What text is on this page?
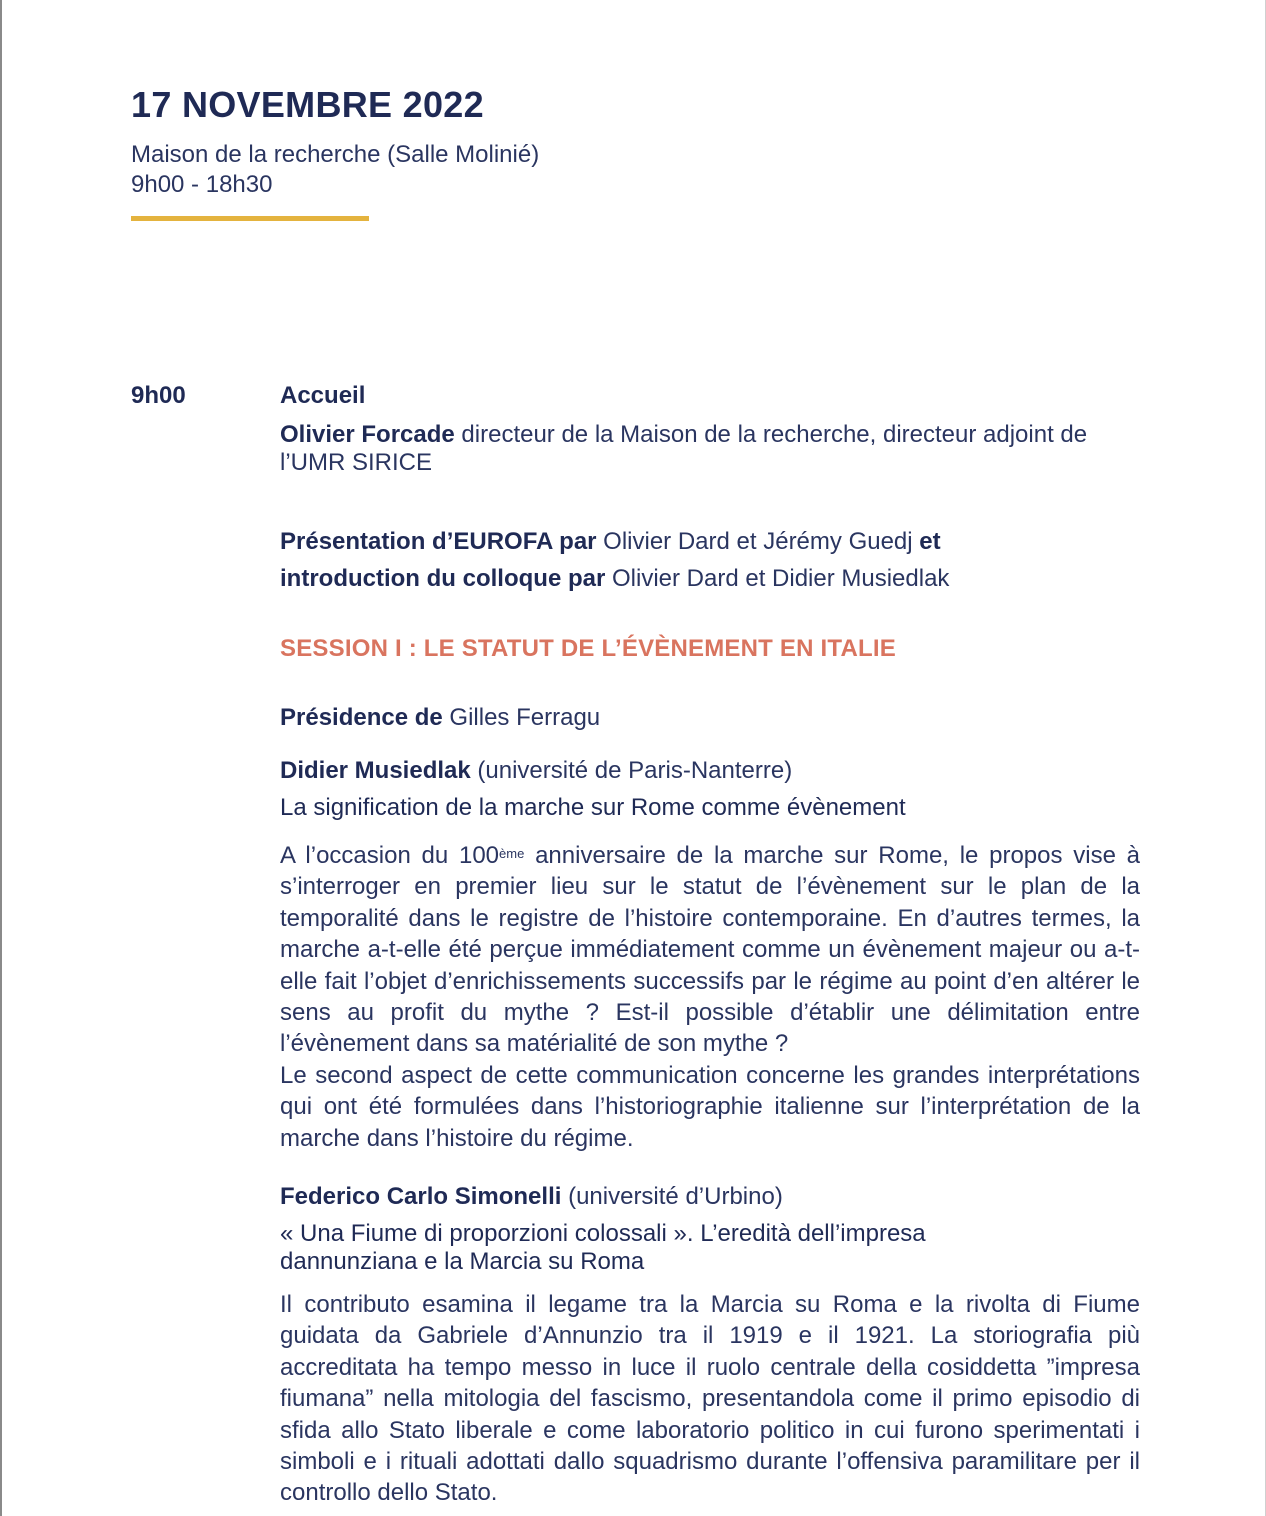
17 NOVEMBRE 2022
Maison de la recherche (Salle Molinié)
9h00 - 18h30
9h00	Accueil
Olivier Forcade directeur de la Maison de la recherche, directeur adjoint de l’UMR SIRICE
Présentation d’EUROFA par Olivier Dard et Jérémy Guedj et
introduction du colloque par Olivier Dard et Didier Musiedlak
SESSION I : LE STATUT DE L’ÉVÈNEMENT EN ITALIE
Présidence de Gilles Ferragu
Didier Musiedlak (université de Paris-Nanterre)
La signification de la marche sur Rome comme évènement

A l’occasion du 100ème anniversaire de la marche sur Rome, le propos vise à s’interroger en premier lieu sur le statut de l’évènement sur le plan de la temporalité dans le registre de l’histoire contemporaine. En d’autres termes, la marche a-t-elle été perçue immédiatement comme un évènement majeur ou a-t-elle fait l’objet d’enrichissements successifs par le régime au point d’en altérer le sens au profit du mythe ? Est-il possible d’établir une délimitation entre l’évènement dans sa matérialité de son mythe ?

Le second aspect de cette communication concerne les grandes interprétations qui ont été formulées dans l’historiographie italienne sur l’interprétation de la marche dans l’histoire du régime.

Federico Carlo Simonelli (université d’Urbino)
« Una Fiume di proporzioni colossali ». L’eredità dell’impresa
dannunziana e la Marcia su Roma
Il contributo esamina il legame tra la Marcia su Roma e la rivolta di Fiume guidata da Gabriele d’Annunzio tra il 1919 e il 1921. La storiografia più accreditata ha tempo messo in luce il ruolo centrale della cosiddetta ”impresa fiumana” nella mitologia del fascismo, presentandola come il primo episodio di sfida allo Stato liberale e come laboratorio politico in cui furono sperimentati i simboli e i rituali adottati dallo squadrismo durante l’offensiva paramilitare per il controllo dello Stato.
